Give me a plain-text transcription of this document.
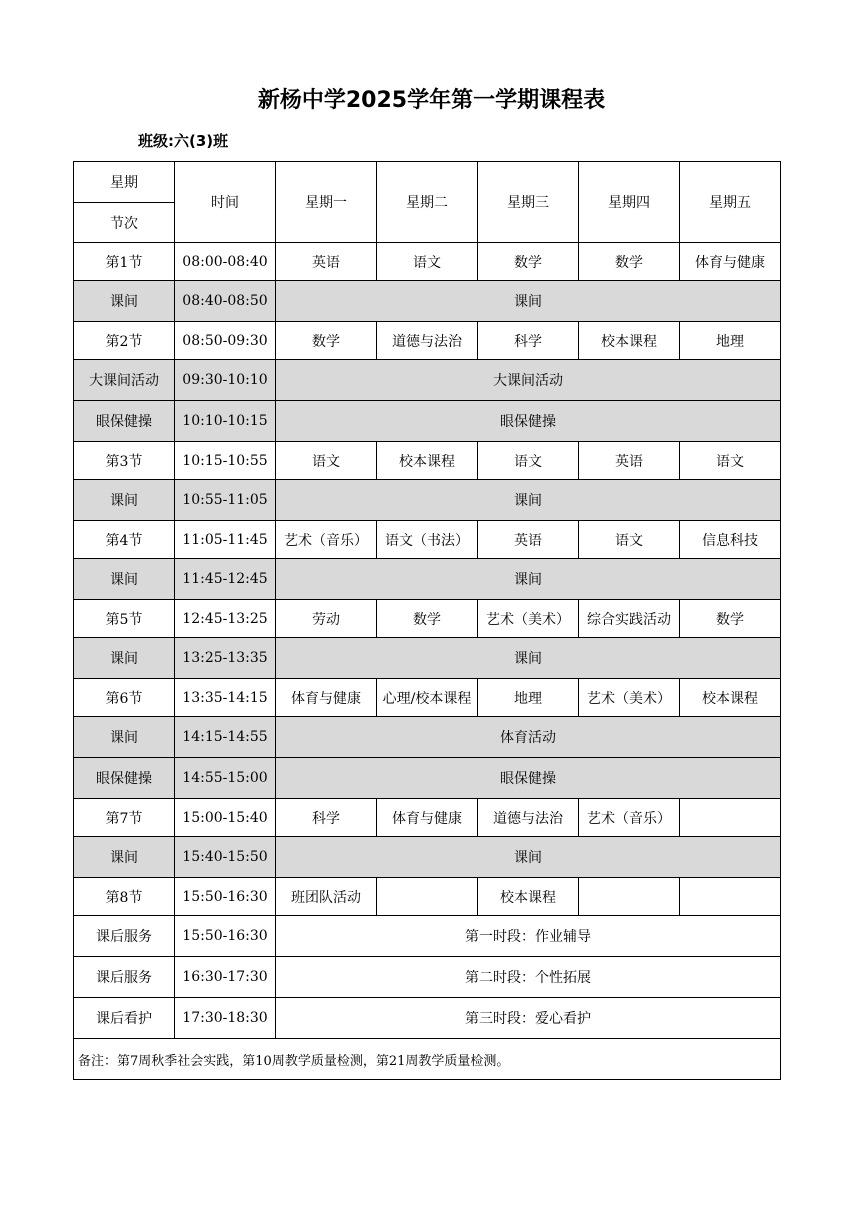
新杨中学2025学年第一学期课程表
班级:六(3)班
星期	时间	星期一	星期二	星期三	星期四	星期五
节次						
第1节	08:00-08:40	英语	语文	数学	数学	体育与健康
课间	08:40-08:50	课间				
第2节	08:50-09:30	数学	道德与法治	科学	校本课程	地理
大课间活动	09:30-10:10	大课间活动				
眼保健操	10:10-10:15	眼保健操				
第3节	10:15-10:55	语文	校本课程	语文	英语	语文
课间	10:55-11:05	课间				
第4节	11:05-11:45	艺术（音乐）	语文（书法）	英语	语文	信息科技
课间	11:45-12:45	课间				
第5节	12:45-13:25	劳动	数学	艺术（美术）	综合实践活动	数学
课间	13:25-13:35	课间				
第6节	13:35-14:15	体育与健康	心理/校本课程	地理	艺术（美术）	校本课程
课间	14:15-14:55	体育活动				
眼保健操	14:55-15:00	眼保健操				
第7节	15:00-15:40	科学	体育与健康	道德与法治	艺术（音乐）	
课间	15:40-15:50	课间				
第8节	15:50-16:30	班团队活动		校本课程		
课后服务	15:50-16:30	第一时段：作业辅导				
课后服务	16:30-17:30	第二时段：个性拓展				
课后看护	17:30-18:30	第三时段：爱心看护				
备注：第7周秋季社会实践，第10周教学质量检测，第21周教学质量检测。						
